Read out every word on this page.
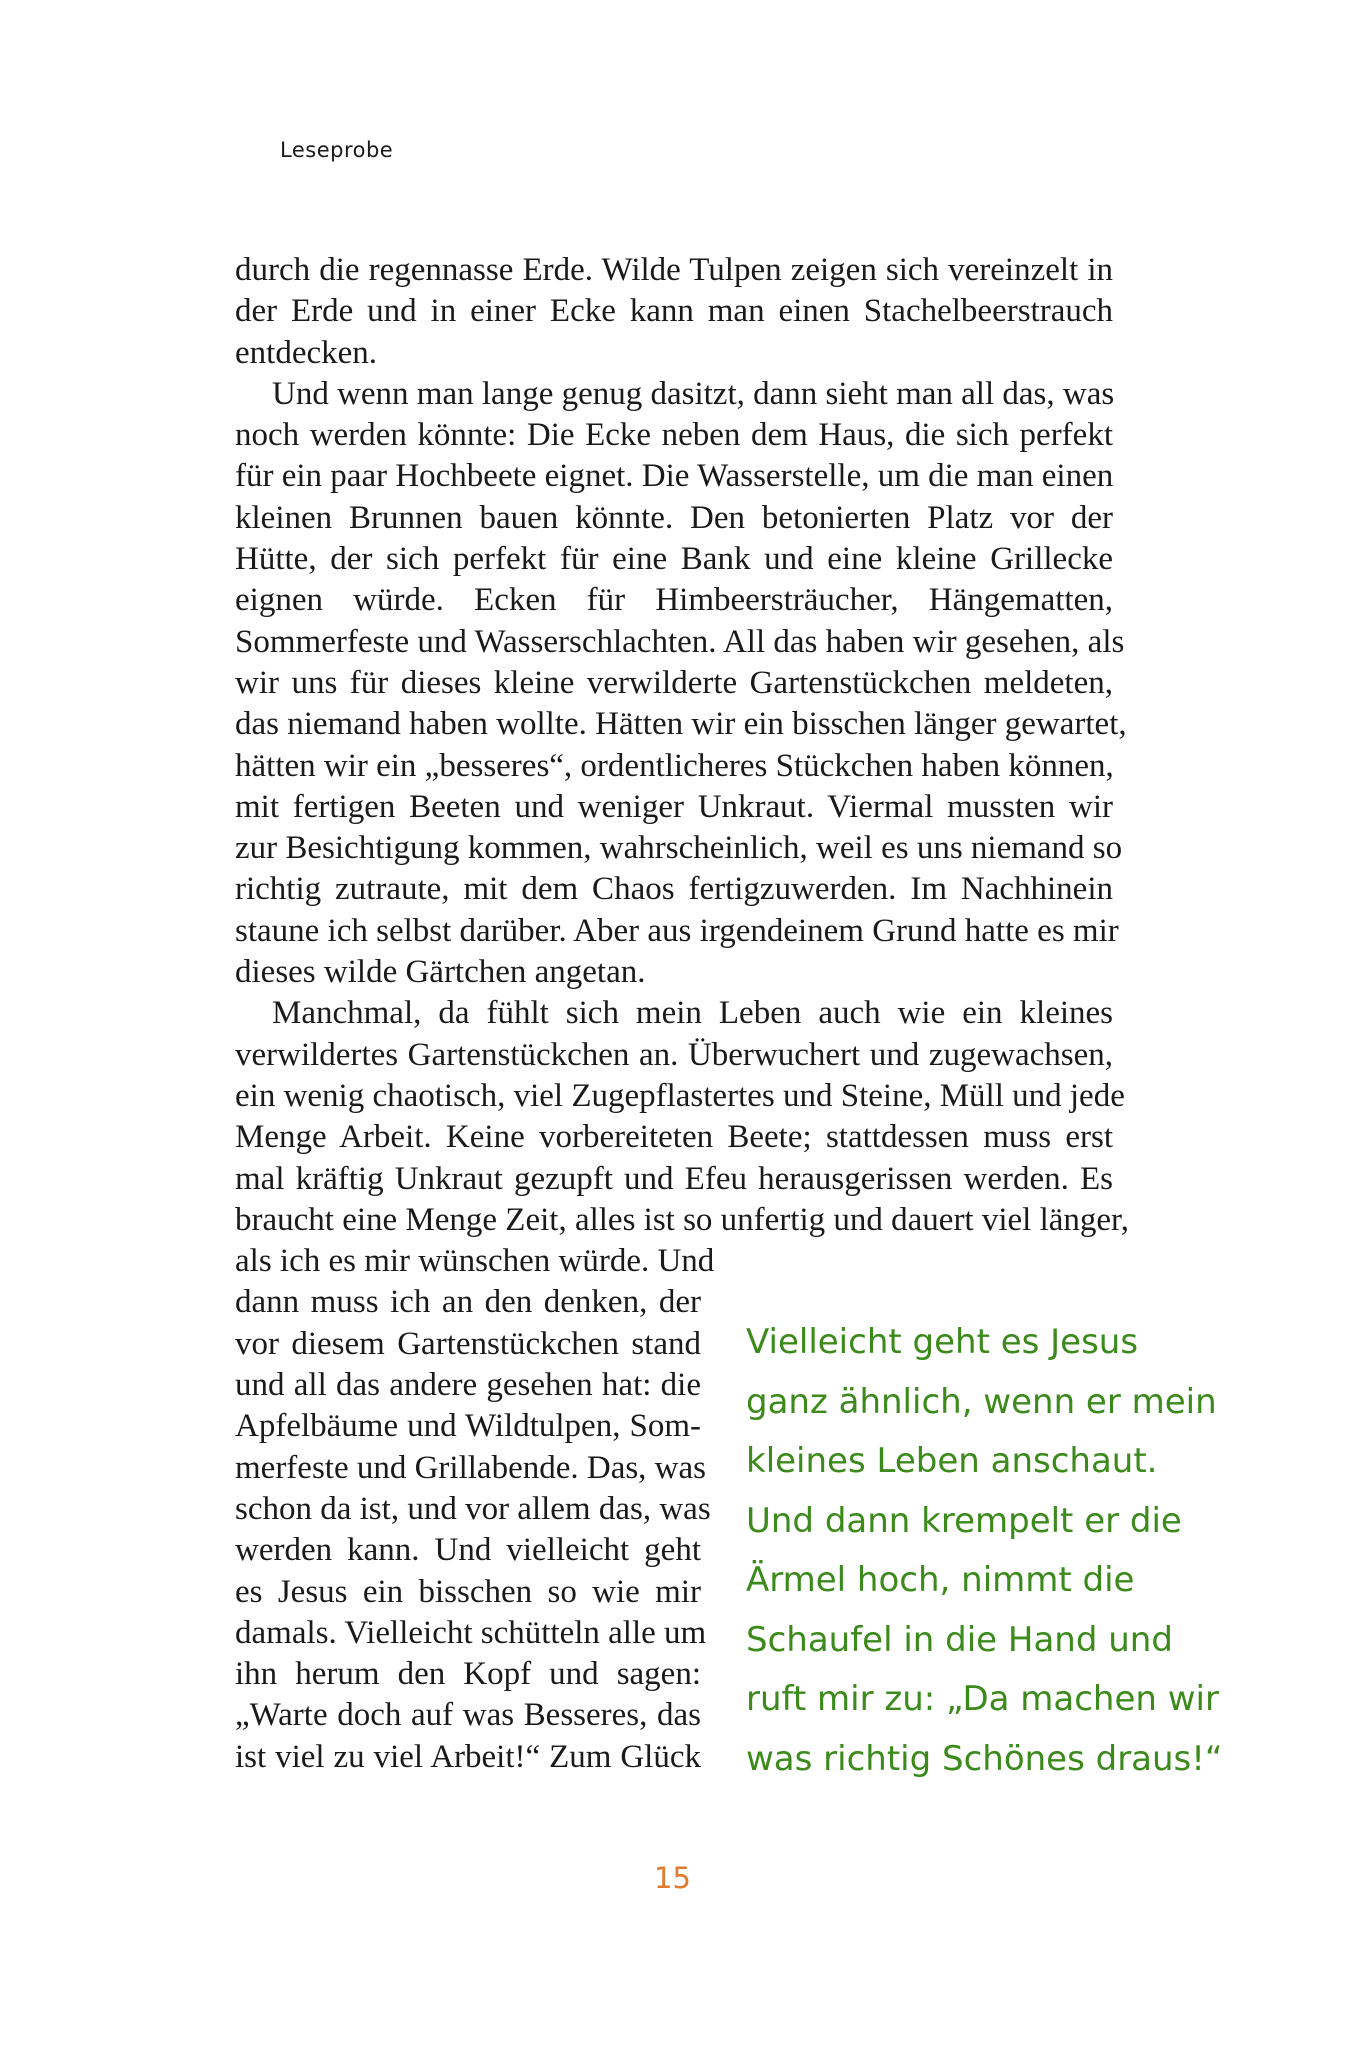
Leseprobe
durch die regennasse Erde. Wilde Tulpen zeigen sich vereinzelt in
der Erde und in einer Ecke kann man einen Stachelbeerstrauch
entdecken.
Und wenn man lange genug dasitzt, dann sieht man all das, was
noch werden könnte: Die Ecke neben dem Haus, die sich perfekt
für ein paar Hochbeete eignet. Die Wasserstelle, um die man einen
kleinen Brunnen bauen könnte. Den betonierten Platz vor der
Hütte, der sich perfekt für eine Bank und eine kleine Grillecke
eignen würde. Ecken für Himbeersträucher, Hängematten,
Sommerfeste und Wasserschlachten. All das haben wir gesehen, als
wir uns für dieses kleine verwilderte Gartenstückchen meldeten,
das niemand haben wollte. Hätten wir ein bisschen länger gewartet,
hätten wir ein „besseres“, ordentlicheres Stückchen haben können,
mit fertigen Beeten und weniger Unkraut. Viermal mussten wir
zur Besichtigung kommen, wahrscheinlich, weil es uns niemand so
richtig zutraute, mit dem Chaos fertigzuwerden. Im Nachhinein
staune ich selbst darüber. Aber aus irgendeinem Grund hatte es mir
dieses wilde Gärtchen angetan.
Manchmal, da fühlt sich mein Leben auch wie ein kleines
verwildertes Gartenstückchen an. Überwuchert und zugewachsen,
ein wenig chaotisch, viel Zugepflastertes und Steine, Müll und jede
Menge Arbeit. Keine vorbereiteten Beete; stattdessen muss erst
mal kräftig Unkraut gezupft und Efeu herausgerissen werden. Es
braucht eine Menge Zeit, alles ist so unfertig und dauert viel länger,
als ich es mir wünschen würde. Und
dann muss ich an den denken, der
vor diesem Gartenstückchen stand
und all das andere gesehen hat: die
Apfelbäume und Wildtulpen, Som-
merfeste und Grillabende. Das, was
schon da ist, und vor allem das, was
werden kann. Und vielleicht geht
es Jesus ein bisschen so wie mir
damals. Vielleicht schütteln alle um
ihn herum den Kopf und sagen:
„Warte doch auf was Besseres, das
ist viel zu viel Arbeit!“ Zum Glück
Vielleicht geht es Jesus
ganz ähnlich, wenn er mein
kleines Leben anschaut.
Und dann krempelt er die
Ärmel hoch, nimmt die
Schaufel in die Hand und
ruft mir zu: „Da machen wir
was richtig Schönes draus!“
15
